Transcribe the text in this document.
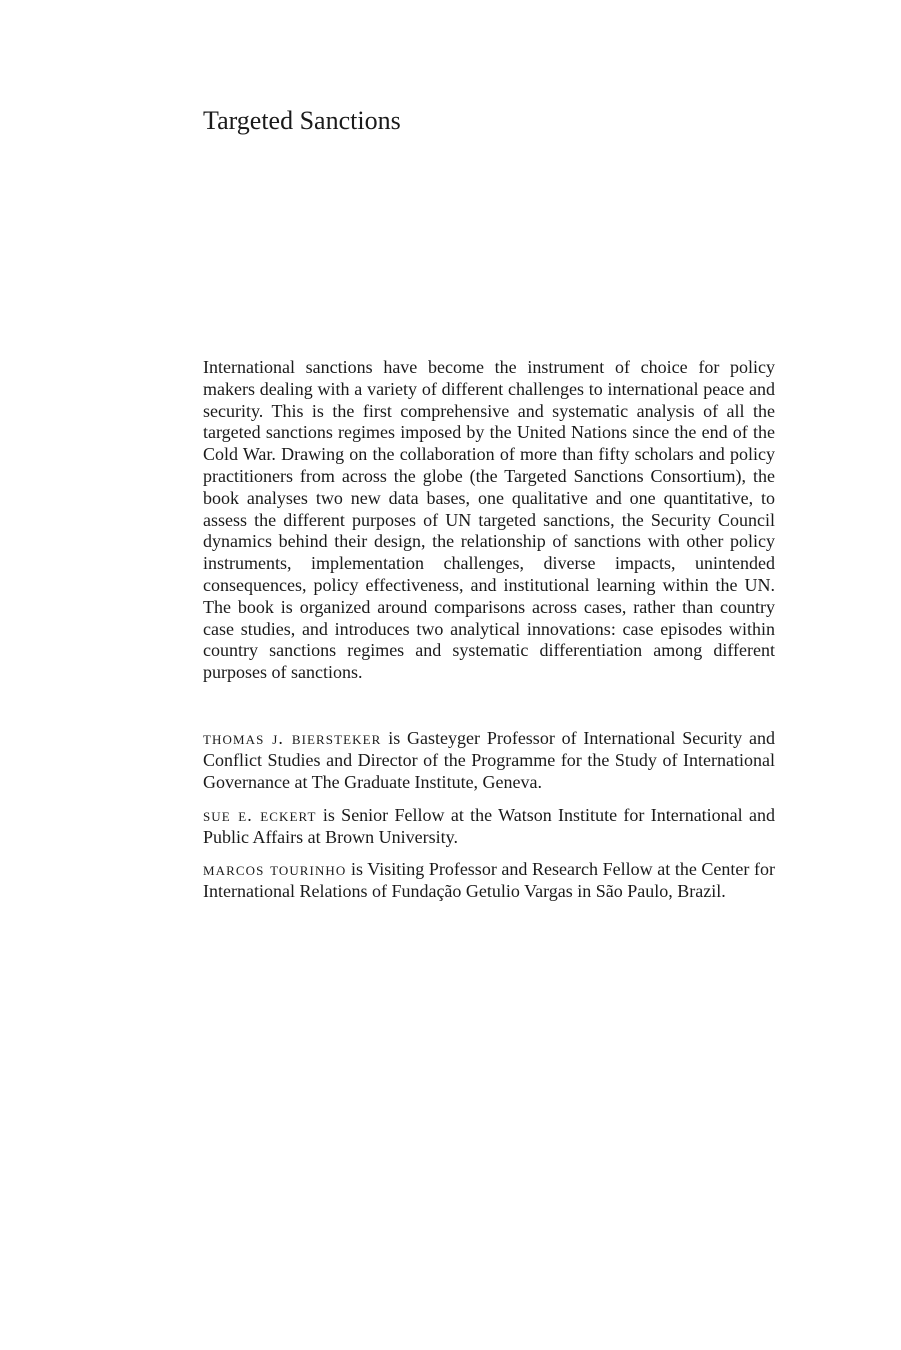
Targeted Sanctions

International sanctions have become the instrument of choice for policy makers dealing with a variety of different challenges to international peace and security. This is the first comprehensive and systematic analysis of all the targeted sanctions regimes imposed by the United Nations since the end of the Cold War. Drawing on the collaboration of more than fifty scholars and policy practitioners from across the globe (the Targeted Sanctions Consortium), the book analyses two new data bases, one qualitative and one quantitative, to assess the different purposes of UN targeted sanctions, the Security Council dynamics behind their design, the relationship of sanctions with other policy instruments, implementation challenges, diverse impacts, unintended consequences, policy effectiveness, and institutional learning within the UN. The book is organized around comparisons across cases, rather than country case studies, and introduces two analytical innovations: case episodes within country sanctions regimes and systematic differentiation among different purposes of sanctions.

thomas j. biersteker is Gasteyger Professor of International Security and Conflict Studies and Director of the Programme for the Study of International Governance at The Graduate Institute, Geneva.

sue e. eckert is Senior Fellow at the Watson Institute for International and Public Affairs at Brown University.

marcos tourinho is Visiting Professor and Research Fellow at the Center for International Relations of Fundação Getulio Vargas in São Paulo, Brazil.
